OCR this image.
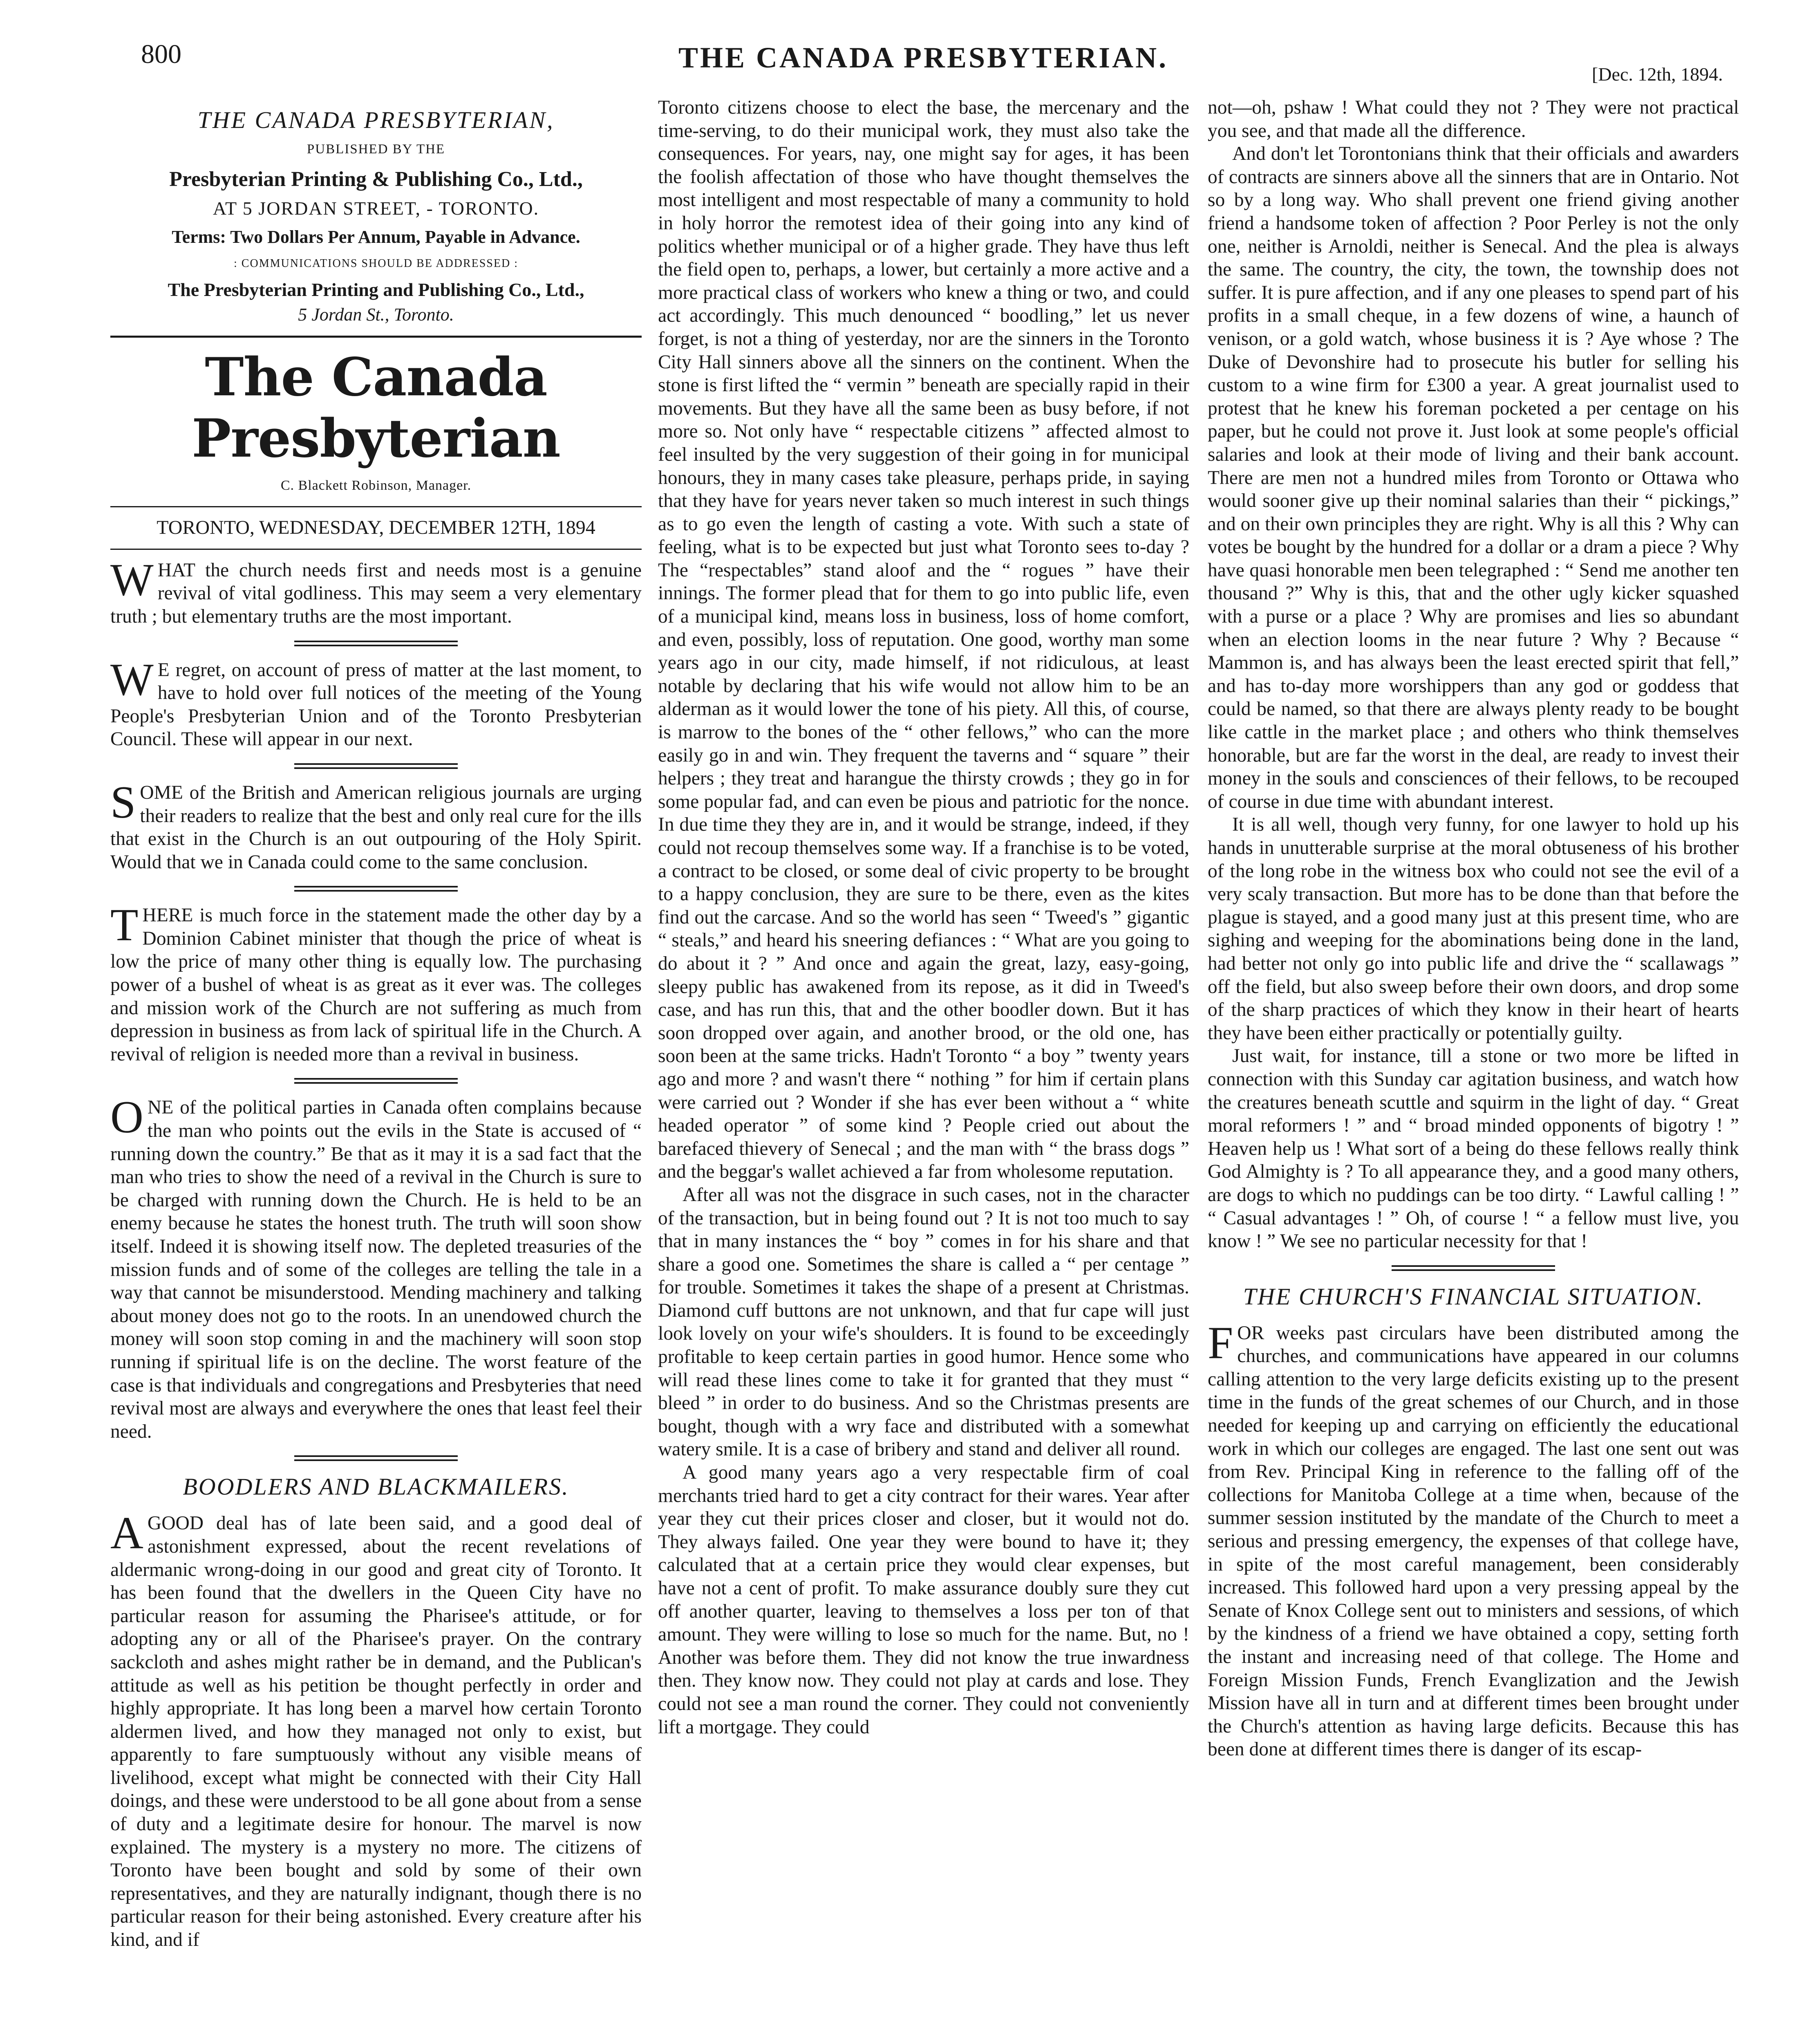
800	THE CANADA PRESBYTERIAN.
[Dec. 12th, 1894.
THE CANADA PRESBYTERIAN,
PUBLISHED BY THE
Presbyterian Printing & Publishing Co., Ltd.,
AT 5 JORDAN STREET, - TORONTO.
Terms: Two Dollars Per Annum, Payable in Advance.
: COMMUNICATIONS SHOULD BE ADDRESSED :
The Presbyterian Printing and Publishing Co., Ltd.,
5 Jordan St., Toronto.
The Canada Presbyterian
C. Blackett Robinson, Manager.
TORONTO, WEDNESDAY, DECEMBER 12TH, 1894

WHAT the church needs first and needs most is a genuine revival of vital godliness. This may seem a very elementary truth ; but elementary truths are the most important.

W E regret, on account of press of matter at the last moment, to have to hold over full notices of the meeting of the Young People's Presbyterian Union and of the Toronto Presbyterian Council. These will appear in our next.

SOME of the British and American religious journals are urging their readers to realize that the best and only real cure for the ills that exist in the Church is an out outpouring of the Holy Spirit. Would that we in Canada could come to the same conclusion.

THERE is much force in the statement made the other day by a Dominion Cabinet minister that though the price of wheat is low the price of many other thing is equally low. The purchasing power of a bushel of wheat is as great as it ever was. The colleges and mission work of the Church are not suffering as much from depression in business as from lack of spiritual life in the Church. A revival of religion is needed more than a revival in business.

ONE of the political parties in Canada often complains because the man who points out the evils in the State is accused of “ running down the country.” Be that as it may it is a sad fact that the man who tries to show the need of a revival in the Church is sure to be charged with running down the Church. He is held to be an enemy because he states the honest truth. The truth will soon show itself. Indeed it is showing itself now. The depleted treasuries of the mission funds and of some of the colleges are telling the tale in a way that cannot be misunderstood. Mending machinery and talking about money does not go to the roots. In an unendowed church the money will soon stop coming in and the machinery will soon stop running if spiritual life is on the decline. The worst feature of the case is that individuals and congregations and Presbyteries that need revival most are always and everywhere the ones that least feel their need.

BOODLERS AND BLACKMAILERS.

A GOOD deal has of late been said, and a good deal of astonishment expressed, about the recent revelations of aldermanic wrong-doing in our good and great city of Toronto. It has been found that the dwellers in the Queen City have no particular reason for assuming the Pharisee's attitude, or for adopting any or all of the Pharisee's prayer. On the contrary sackcloth and ashes might rather be in demand, and the Publican's attitude as well as his petition be thought perfectly in order and highly appropriate. It has long been a marvel how certain Toronto aldermen lived, and how they managed not only to exist, but apparently to fare sumptuously without any visible means of livelihood, except what might be connected with their City Hall doings, and these were understood to be all gone about from a sense of duty and a legitimate desire for honour. The marvel is now explained. The mystery is a mystery no more. The citizens of Toronto have been bought and sold by some of their own representatives, and they are naturally indignant, though there is no particular reason for their being astonished. Every creature after his kind, and if

Toronto citizens choose to elect the base, the mercenary and the time-serving, to do their municipal work, they must also take the consequences. For years, nay, one might say for ages, it has been the foolish affectation of those who have thought themselves the most intelligent and most respectable of many a community to hold in holy horror the remotest idea of their going into any kind of politics whether municipal or of a higher grade. They have thus left the field open to, perhaps, a lower, but certainly a more active and a more practical class of workers who knew a thing or two, and could act accordingly. This much denounced “ boodling,” let us never forget, is not a thing of yesterday, nor are the sinners in the Toronto City Hall sinners above all the sinners on the continent. When the stone is first lifted the “ vermin ” beneath are specially rapid in their movements. But they have all the same been as busy before, if not more so. Not only have “ respectable citizens ” affected almost to feel insulted by the very suggestion of their going in for municipal honours, they in many cases take pleasure, perhaps pride, in saying that they have for years never taken so much interest in such things as to go even the length of casting a vote. With such a state of feeling, what is to be expected but just what Toronto sees to-day ? The “respectables” stand aloof and the “ rogues ” have their innings. The former plead that for them to go into public life, even of a municipal kind, means loss in business, loss of home comfort, and even, possibly, loss of reputation. One good, worthy man some years ago in our city, made himself, if not ridiculous, at least notable by declaring that his wife would not allow him to be an alderman as it would lower the tone of his piety. All this, of course, is marrow to the bones of the “ other fellows,” who can the more easily go in and win. They frequent the taverns and “ square ” their helpers ; they treat and harangue the thirsty crowds ; they go in for some popular fad, and can even be pious and patriotic for the nonce. In due time they they are in, and it would be strange, indeed, if they could not recoup themselves some way. If a franchise is to be voted, a contract to be closed, or some deal of civic property to be brought to a happy conclusion, they are sure to be there, even as the kites find out the carcase. And so the world has seen “ Tweed's ” gigantic “ steals,” and heard his sneering defiances : “ What are you going to do about it ? ” And once and again the great, lazy, easy-going, sleepy public has awakened from its repose, as it did in Tweed's case, and has run this, that and the other boodler down. But it has soon dropped over again, and another brood, or the old one, has soon been at the same tricks. Hadn't Toronto “ a boy ” twenty years ago and more ? and wasn't there “ nothing ” for him if certain plans were carried out ? Wonder if she has ever been without a “ white headed operator ” of some kind ? People cried out about the barefaced thievery of Senecal ; and the man with “ the brass dogs ” and the beggar's wallet achieved a far from wholesome reputation.

After all was not the disgrace in such cases, not in the character of the transaction, but in being found out ? It is not too much to say that in many instances the “ boy ” comes in for his share and that share a good one. Sometimes the share is called a “ per centage ” for trouble. Sometimes it takes the shape of a present at Christmas. Diamond cuff buttons are not unknown, and that fur cape will just look lovely on your wife's shoulders. It is found to be exceedingly profitable to keep certain parties in good humor. Hence some who will read these lines come to take it for granted that they must “ bleed ” in order to do business. And so the Christmas presents are bought, though with a wry face and distributed with a somewhat watery smile. It is a case of bribery and stand and deliver all round.

A good many years ago a very respectable firm of coal merchants tried hard to get a city contract for their wares. Year after year they cut their prices closer and closer, but it would not do. They always failed. One year they were bound to have it; they calculated that at a certain price they would clear expenses, but have not a cent of profit. To make assurance doubly sure they cut off another quarter, leaving to themselves a loss per ton of that amount. They were willing to lose so much for the name. But, no ! Another was before them. They did not know the true inwardness then. They know now. They could not play at cards and lose. They could not see a man round the corner. They could not conveniently lift a mortgage. They could

not—oh, pshaw ! What could they not ? They were not practical you see, and that made all the difference.

And don't let Torontonians think that their officials and awarders of contracts are sinners above all the sinners that are in Ontario. Not so by a long way. Who shall prevent one friend giving another friend a handsome token of affection ? Poor Perley is not the only one, neither is Arnoldi, neither is Senecal. And the plea is always the same. The country, the city, the town, the township does not suffer. It is pure affection, and if any one pleases to spend part of his profits in a small cheque, in a few dozens of wine, a haunch of venison, or a gold watch, whose business it is ? Aye whose ? The Duke of Devonshire had to prosecute his butler for selling his custom to a wine firm for £300 a year. A great journalist used to protest that he knew his foreman pocketed a per centage on his paper, but he could not prove it. Just look at some people's official salaries and look at their mode of living and their bank account. There are men not a hundred miles from Toronto or Ottawa who would sooner give up their nominal salaries than their “ pickings,” and on their own principles they are right. Why is all this ? Why can votes be bought by the hundred for a dollar or a dram a piece ? Why have quasi honorable men been telegraphed : “ Send me another ten thousand ?” Why is this, that and the other ugly kicker squashed with a purse or a place ? Why are promises and lies so abundant when an election looms in the near future ? Why ? Because “ Mammon is, and has always been the least erected spirit that fell,” and has to-day more worshippers than any god or goddess that could be named, so that there are always plenty ready to be bought like cattle in the market place ; and others who think themselves honorable, but are far the worst in the deal, are ready to invest their money in the souls and consciences of their fellows, to be recouped of course in due time with abundant interest.

It is all well, though very funny, for one lawyer to hold up his hands in unutterable surprise at the moral obtuseness of his brother of the long robe in the witness box who could not see the evil of a very scaly transaction. But more has to be done than that before the plague is stayed, and a good many just at this present time, who are sighing and weeping for the abominations being done in the land, had better not only go into public life and drive the “ scallawags ” off the field, but also sweep before their own doors, and drop some of the sharp practices of which they know in their heart of hearts they have been either practically or potentially guilty.

Just wait, for instance, till a stone or two more be lifted in connection with this Sunday car agitation business, and watch how the creatures beneath scuttle and squirm in the light of day. “ Great moral reformers ! ” and “ broad minded opponents of bigotry ! ” Heaven help us ! What sort of a being do these fellows really think God Almighty is ? To all appearance they, and a good many others, are dogs to which no puddings can be too dirty. “ Lawful calling ! ” “ Casual advantages ! ” Oh, of course ! “ a fellow must live, you know ! ” We see no particular necessity for that !

THE CHURCH'S FINANCIAL SITUATION.

FOR weeks past circulars have been distributed among the churches, and communications have appeared in our columns calling attention to the very large deficits existing up to the present time in the funds of the great schemes of our Church, and in those needed for keeping up and carrying on efficiently the educational work in which our colleges are engaged. The last one sent out was from Rev. Principal King in reference to the falling off of the collections for Manitoba College at a time when, because of the summer session instituted by the mandate of the Church to meet a serious and pressing emergency, the expenses of that college have, in spite of the most careful management, been considerably increased. This followed hard upon a very pressing appeal by the Senate of Knox College sent out to ministers and sessions, of which by the kindness of a friend we have obtained a copy, setting forth the instant and increasing need of that college. The Home and Foreign Mission Funds, French Evanglization and the Jewish Mission have all in turn and at different times been brought under the Church's attention as having large deficits. Because this has been done at different times there is danger of its escap-
